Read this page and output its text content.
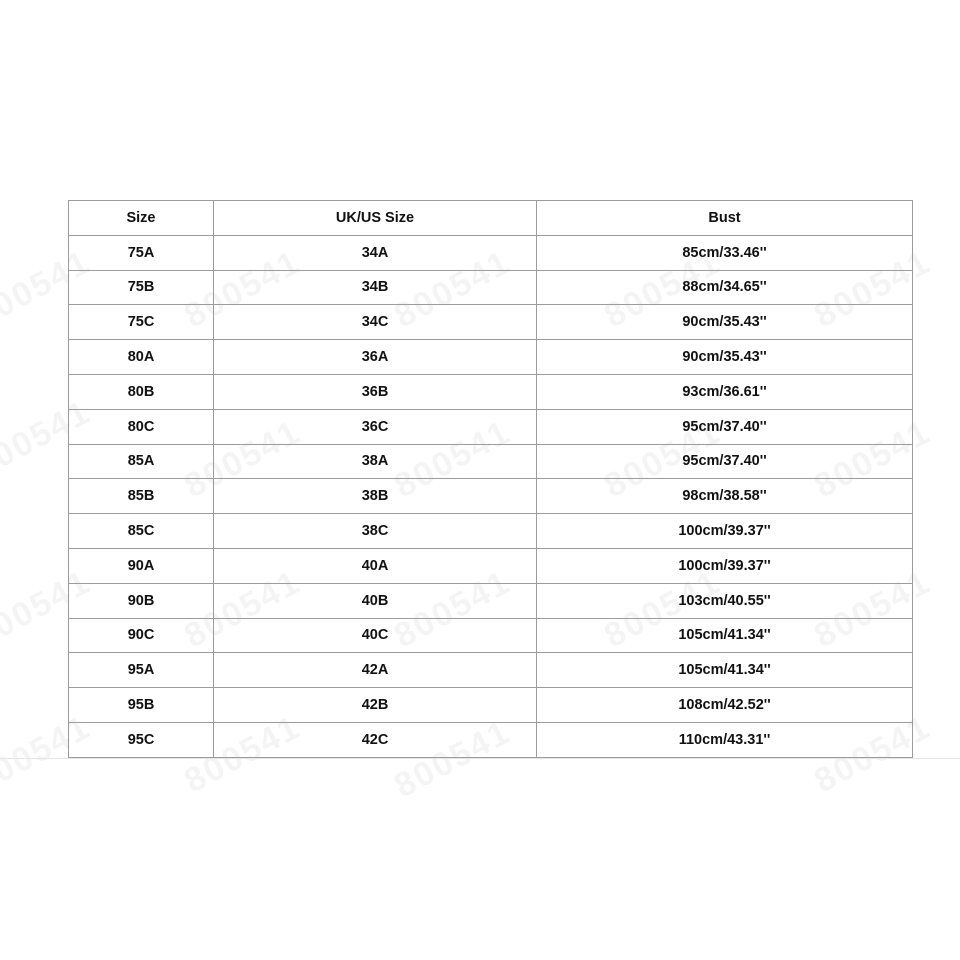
Size	UK/US Size	Bust
75A	34A	85cm/33.46''
75B	34B	88cm/34.65''
75C	34C	90cm/35.43''
80A	36A	90cm/35.43''
80B	36B	93cm/36.61''
80C	36C	95cm/37.40''
85A	38A	95cm/37.40''
85B	38B	98cm/38.58''
85C	38C	100cm/39.37''
90A	40A	100cm/39.37''
90B	40B	103cm/40.55''
90C	40C	105cm/41.34''
95A	42A	105cm/41.34''
95B	42B	108cm/42.52''
95C	42C	110cm/43.31''
